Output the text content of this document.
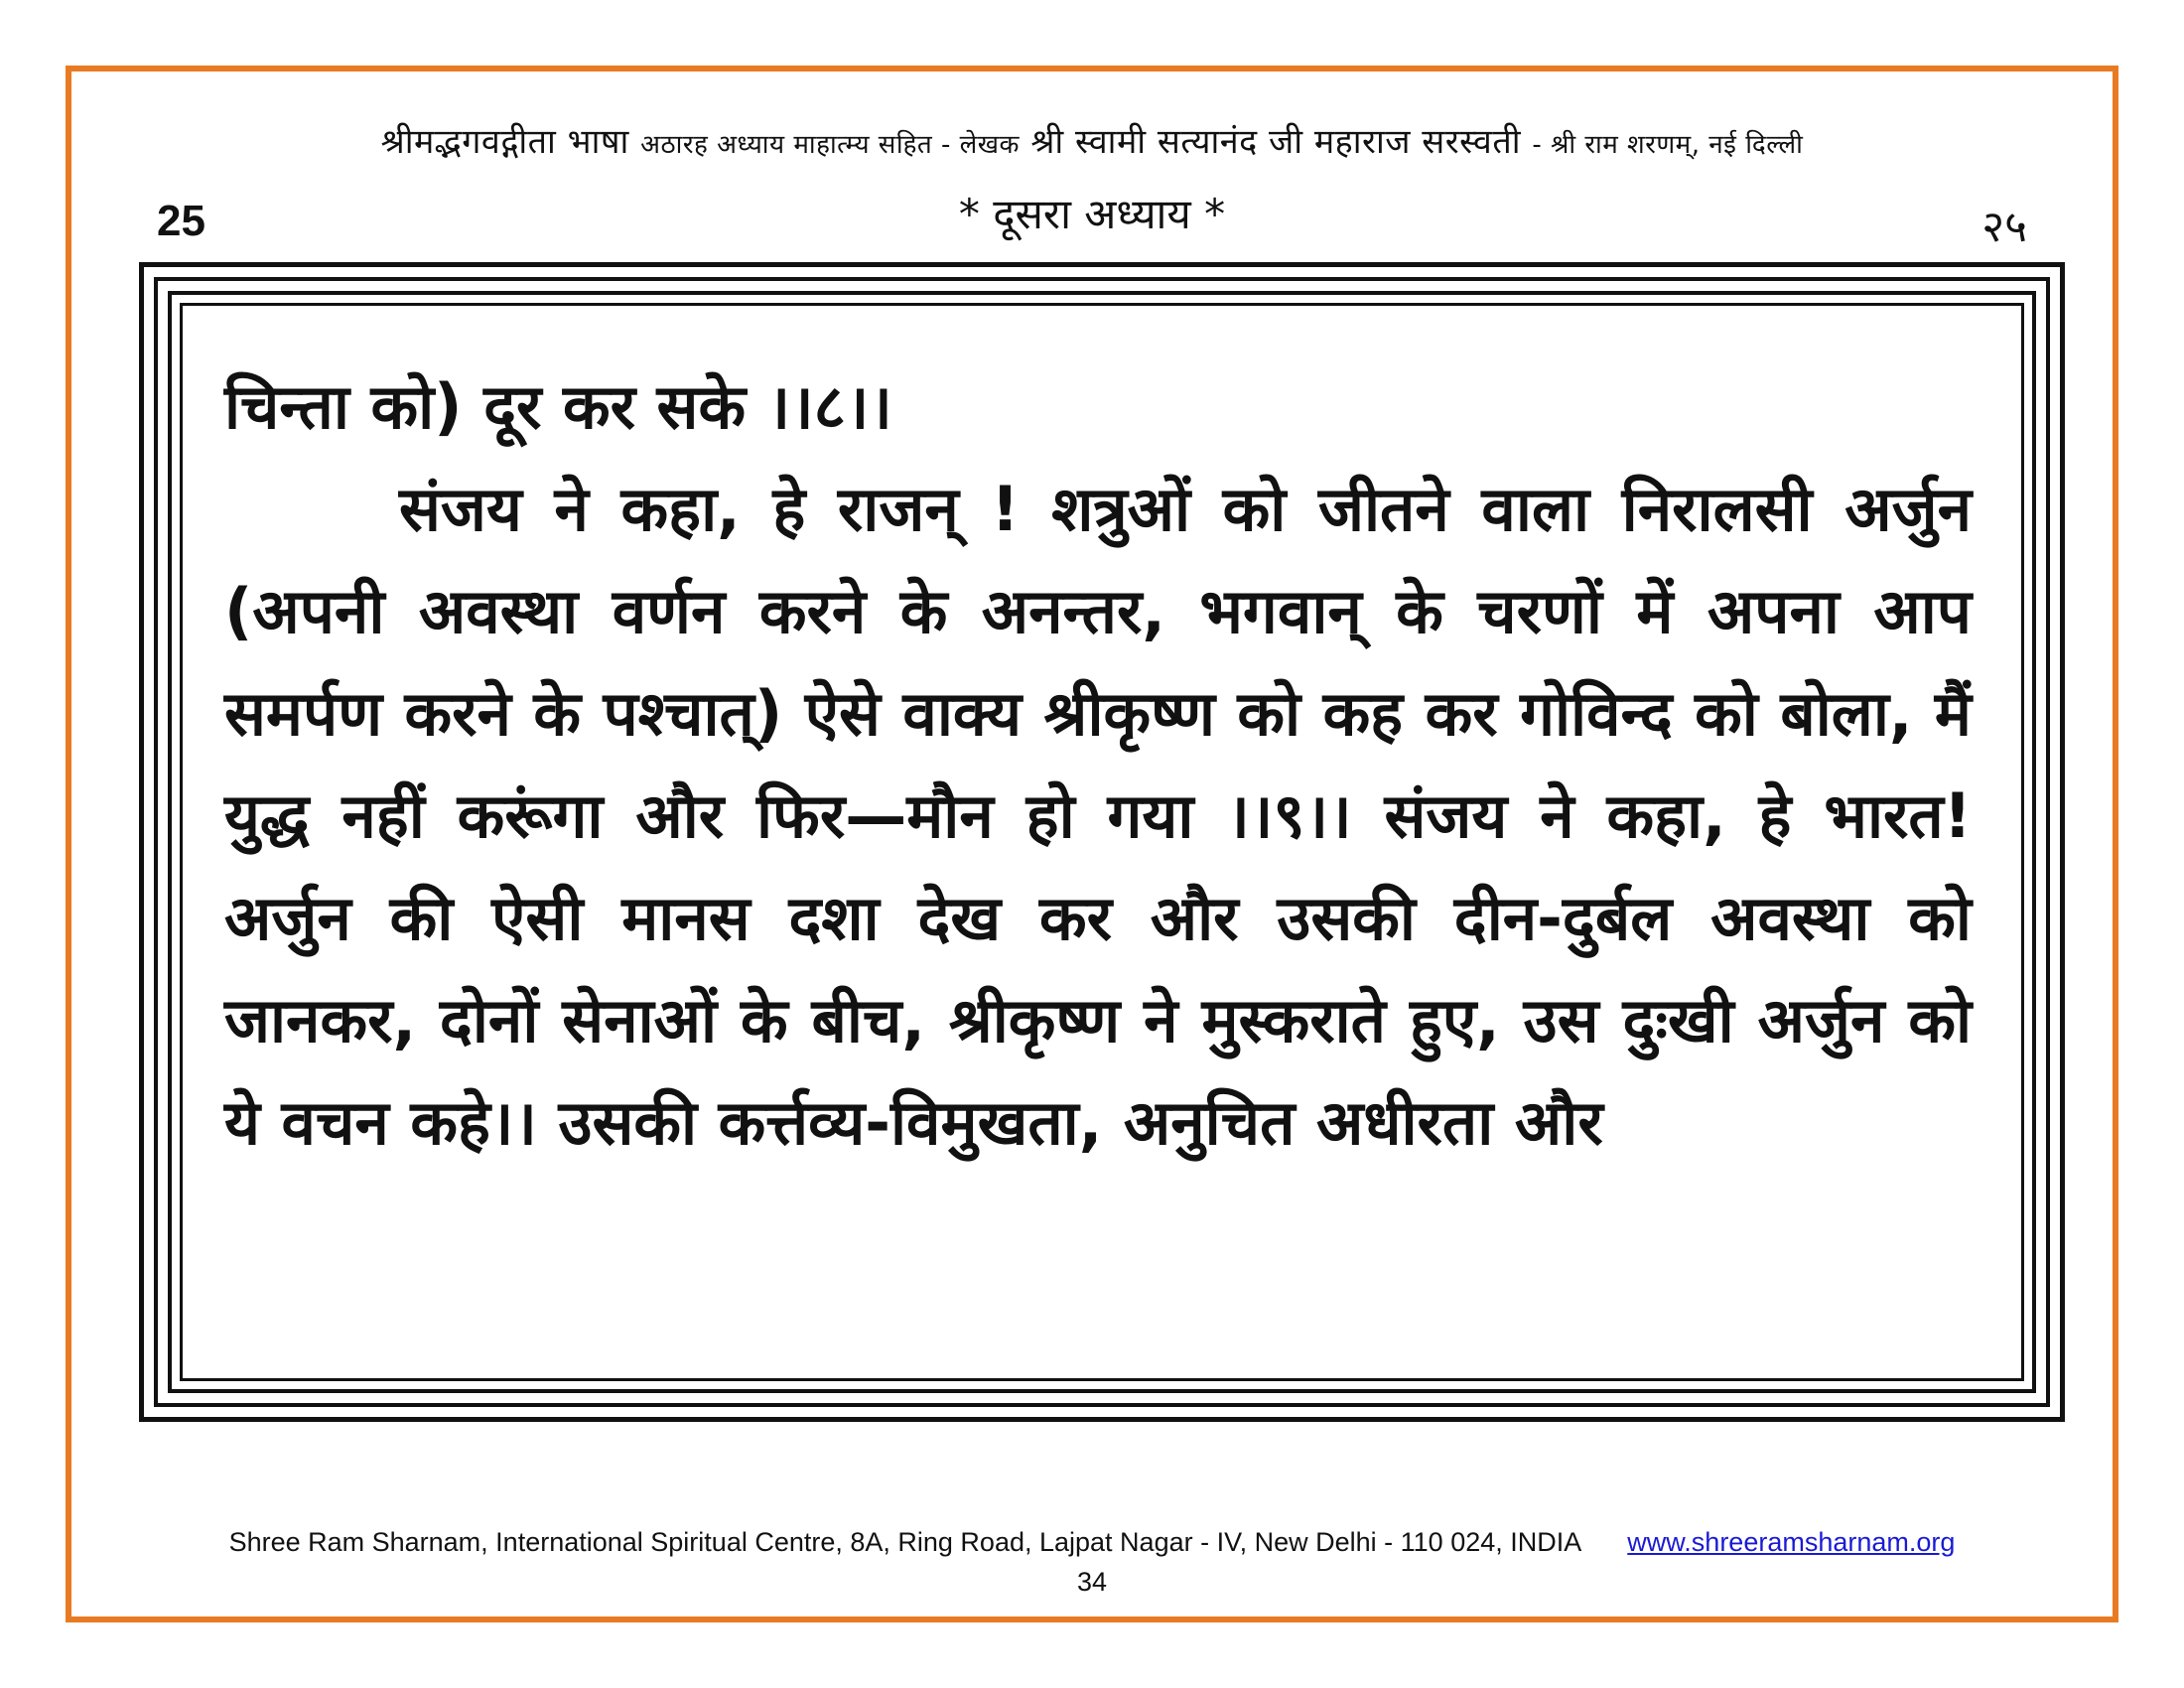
श्रीमद्भगवद्गीता भाषा अठारह अध्याय माहात्म्य सहित - लेखक श्री स्वामी सत्यानंद जी महाराज सरस्वती - श्री राम शरणम्, नई दिल्ली
25	* दूसरा अध्याय *	२५
चिन्ता को) दूर कर सके ।।८।।
संजय ने कहा, हे राजन् ! शत्रुओं को जीतने वाला निरालसी अर्जुन (अपनी अवस्था वर्णन करने के अनन्तर, भगवान् के चरणों में अपना आप समर्पण करने के पश्चात्) ऐसे वाक्य श्रीकृष्ण को कह कर गोविन्द को बोला, मैं युद्ध नहीं करूंगा और फिर—मौन हो गया ।।९।। संजय ने कहा, हे भारत! अर्जुन की ऐसी मानस दशा देख कर और उसकी दीन-दुर्बल अवस्था को जानकर, दोनों सेनाओं के बीच, श्रीकृष्ण ने मुस्कराते हुए, उस दुःखी अर्जुन को ये वचन कहे।। उसकी कर्त्तव्य-विमुखता, अनुचित अधीरता और
Shree Ram Sharnam, International Spiritual Centre, 8A, Ring Road, Lajpat Nagar - IV, New Delhi - 110 024, INDIA www.shreeramsharnam.org
34
